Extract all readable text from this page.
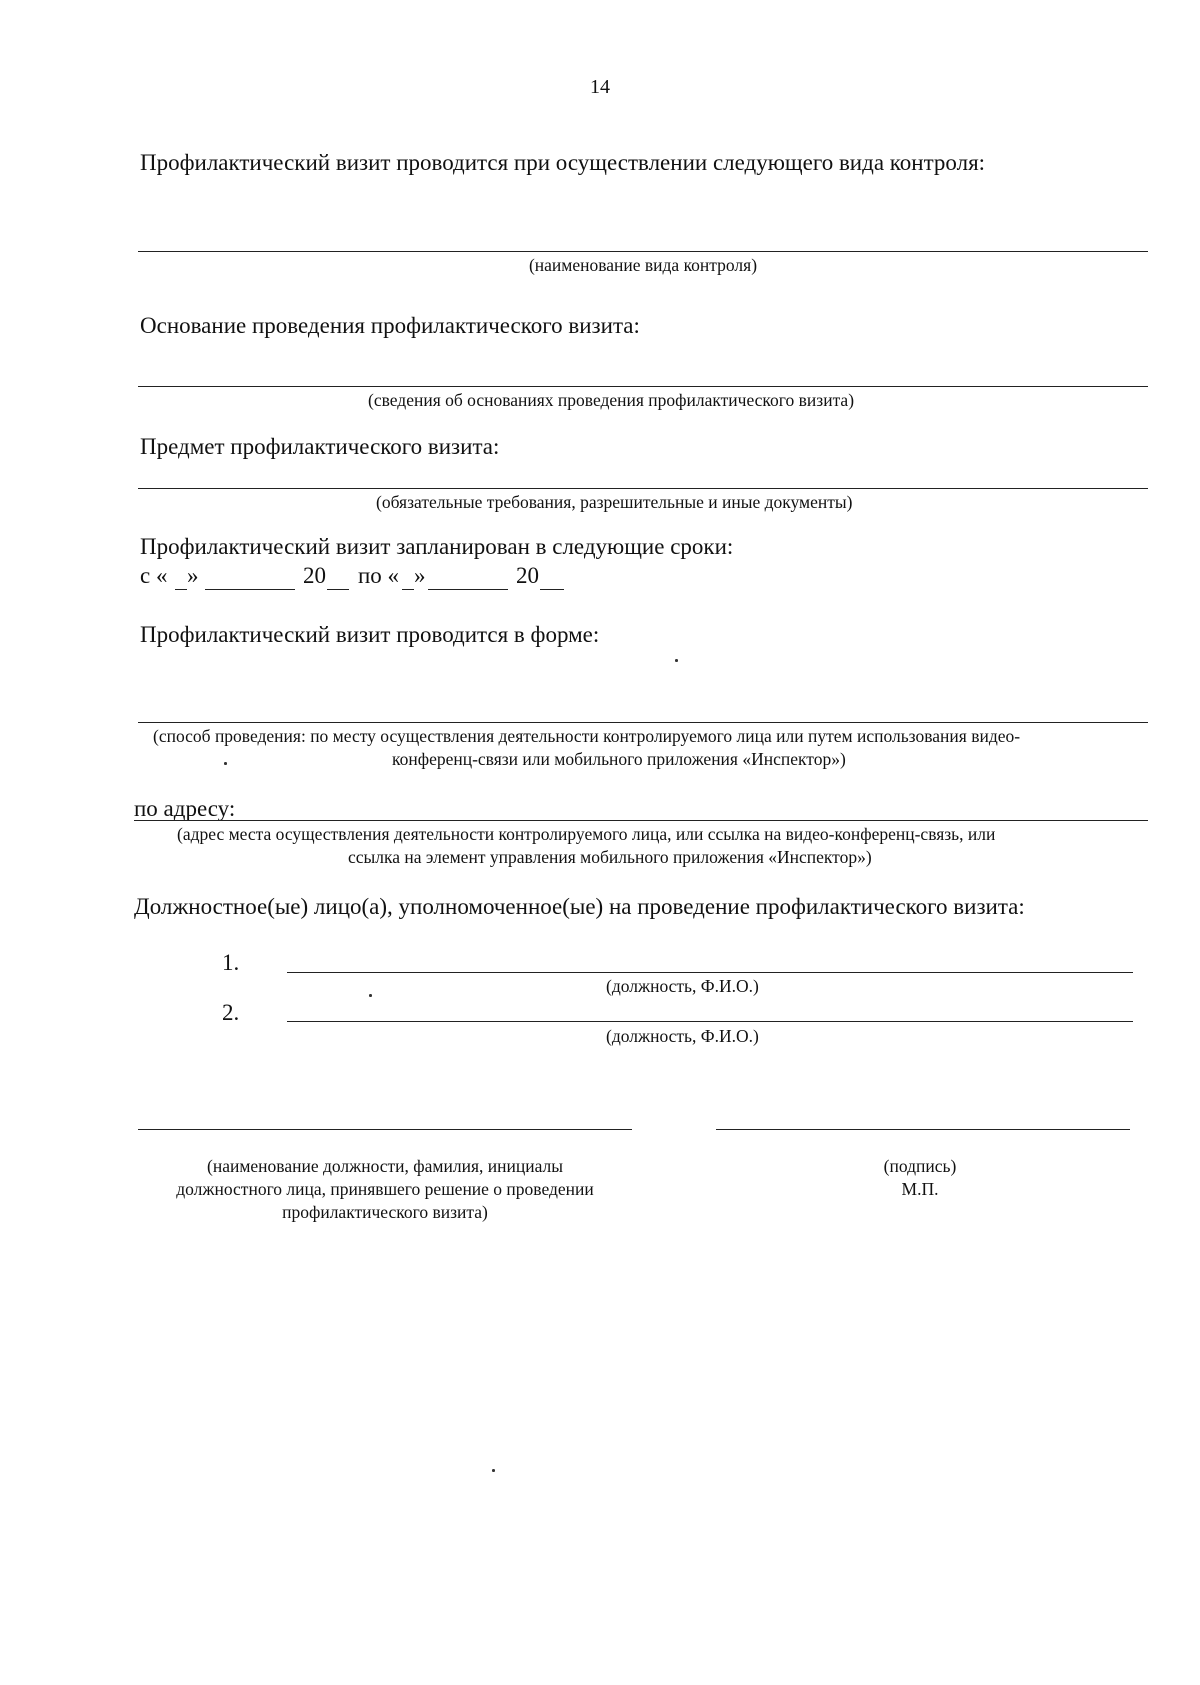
14
Профилактический визит проводится при осуществлении следующего вида контроля:
(наименование вида контроля)
Основание проведения профилактического визита:
(сведения об основаниях проведения профилактического визита)
Предмет профилактического визита:
(обязательные требования, разрешительные и иные документы)
Профилактический визит запланирован в следующие сроки:
с « »	20 по « »	20
Профилактический визит проводится в форме:
(способ проведения: по месту осуществления деятельности контролируемого лица или путем использования видео-
конференц-связи или мобильного приложения «Инспектор»)
по адресу:
(адрес места осуществления деятельности контролируемого лица, или ссылка на видео-конференц-связь, или
ссылка на элемент управления мобильного приложения «Инспектор»)
Должностное(ые) лицо(а), уполномоченное(ые) на проведение профилактического визита:
1.
(должность, Ф.И.О.)
2.
(должность, Ф.И.О.)
(наименование должности, фамилия, инициалы
должностного лица, принявшего решение о проведении
профилактического визита)
(подпись)
М.П.
